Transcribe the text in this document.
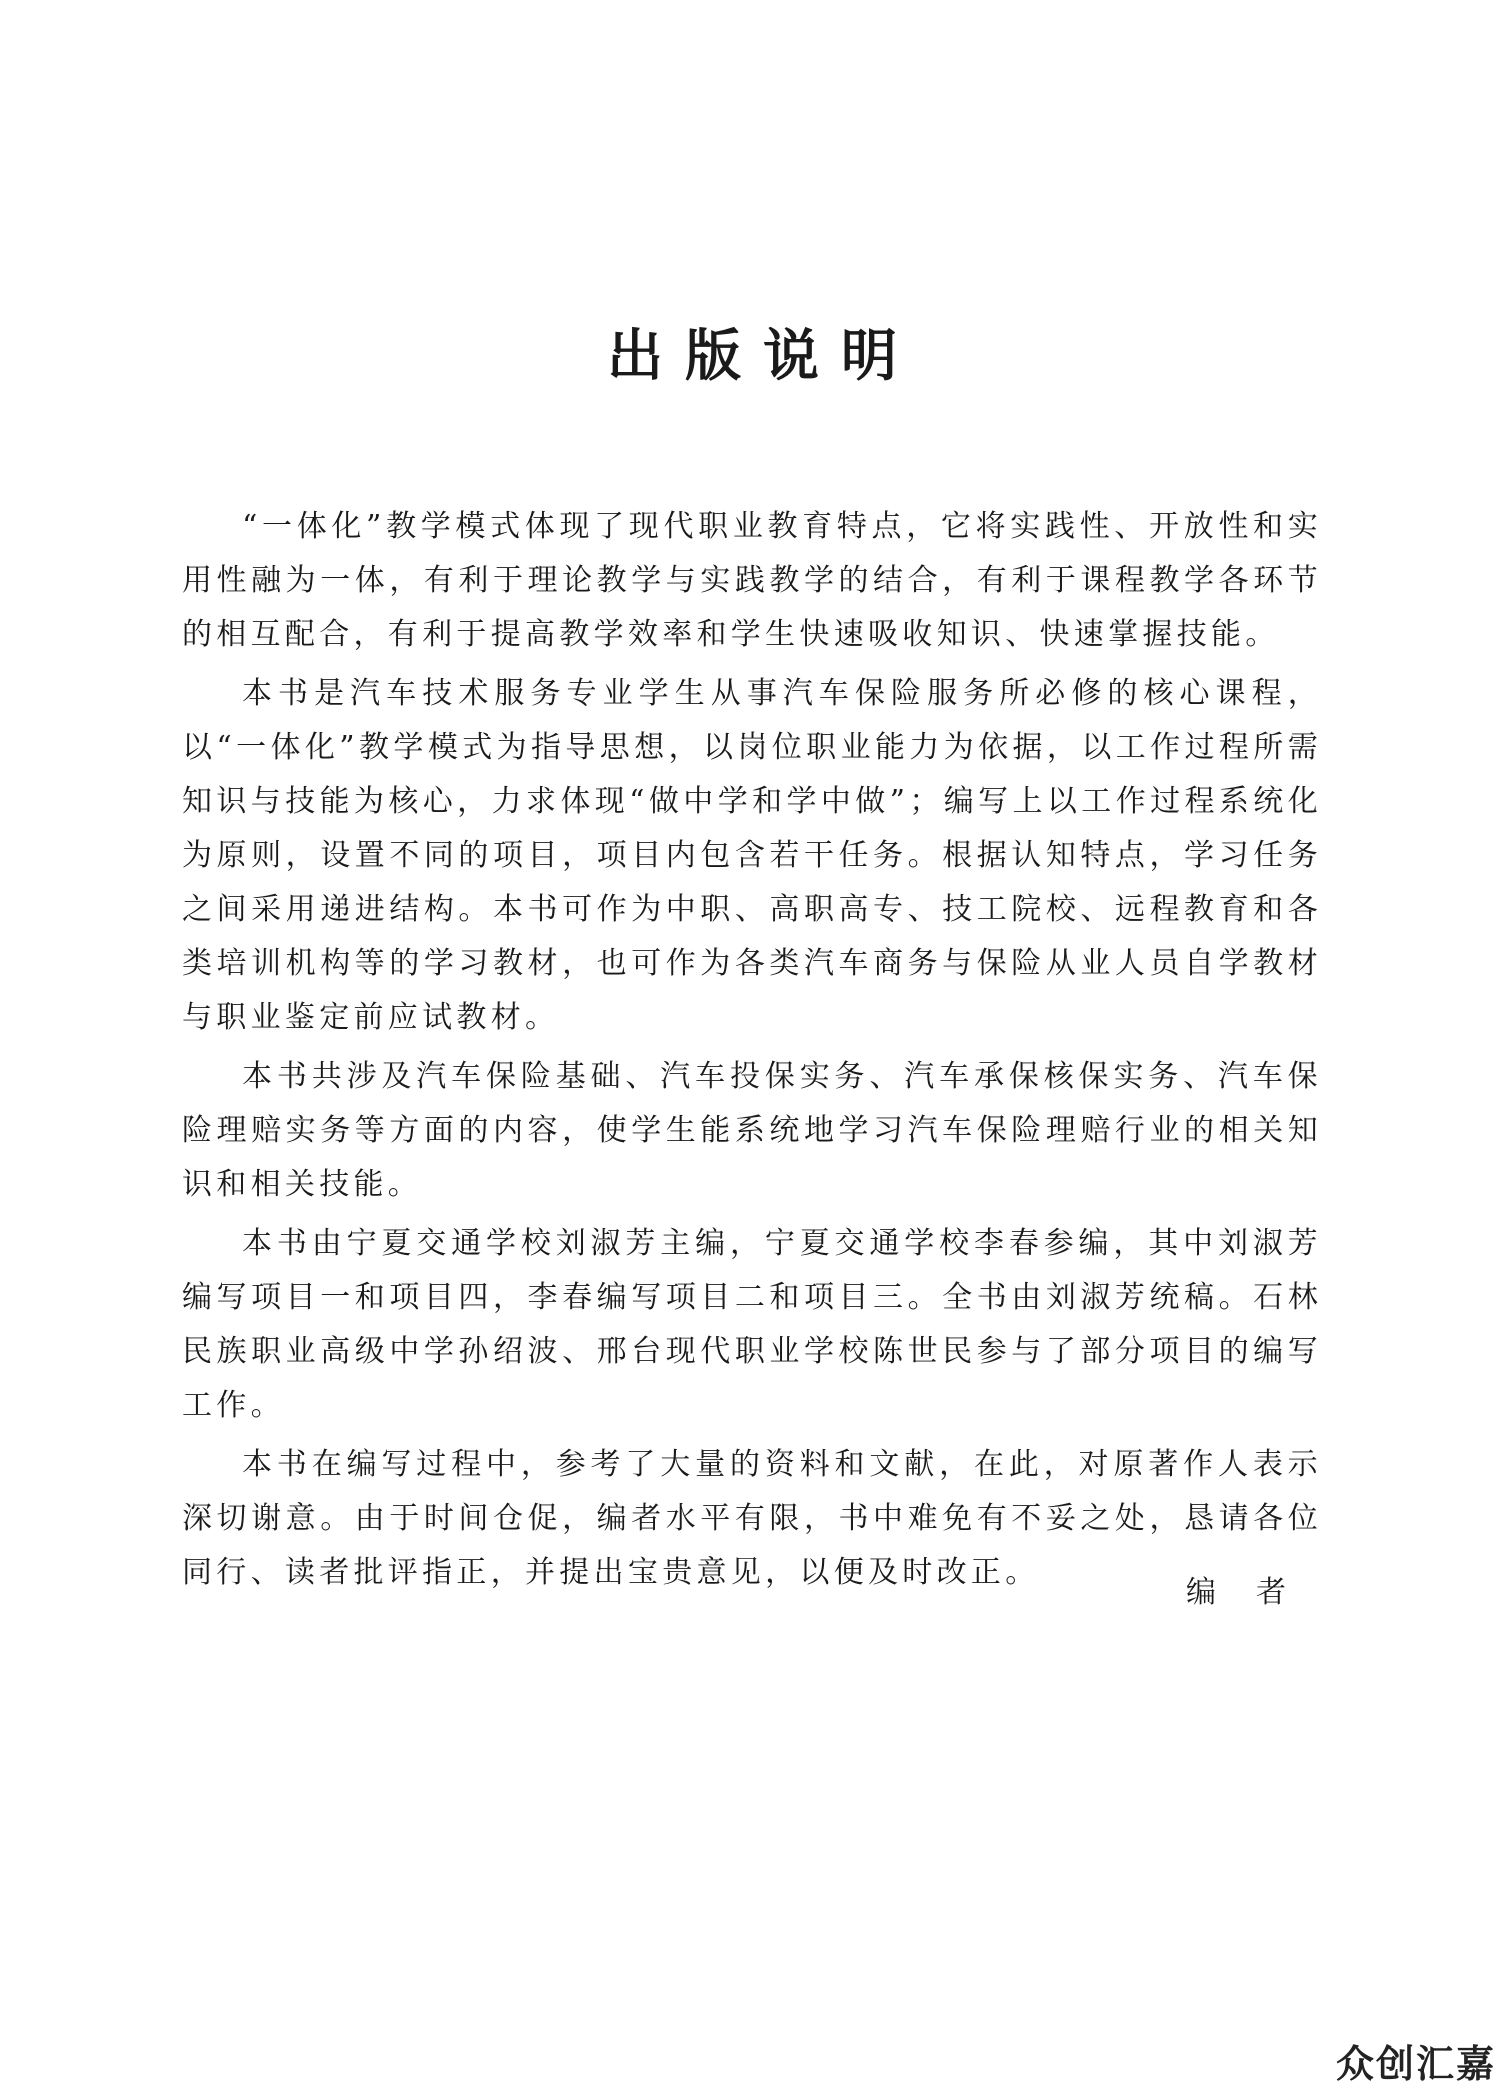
出版说明

“一体化”教学模式体现了现代职业教育特点，它将实践性、开放性和实用性融为一体，有利于理论教学与实践教学的结合，有利于课程教学各环节的相互配合，有利于提高教学效率和学生快速吸收知识、快速掌握技能。

本书是汽车技术服务专业学生从事汽车保险服务所必修的核心课程，以“一体化”教学模式为指导思想，以岗位职业能力为依据，以工作过程所需知识与技能为核心，力求体现“做中学和学中做”；编写上以工作过程系统化为原则，设置不同的项目，项目内包含若干任务。根据认知特点，学习任务之间采用递进结构。本书可作为中职、高职高专、技工院校、远程教育和各类培训机构等的学习教材，也可作为各类汽车商务与保险从业人员自学教材与职业鉴定前应试教材。

本书共涉及汽车保险基础、汽车投保实务、汽车承保核保实务、汽车保险理赔实务等方面的内容，使学生能系统地学习汽车保险理赔行业的相关知识和相关技能。

本书由宁夏交通学校刘淑芳主编，宁夏交通学校李春参编，其中刘淑芳编写项目一和项目四，李春编写项目二和项目三。全书由刘淑芳统稿。石林民族职业高级中学孙绍波、邢台现代职业学校陈世民参与了部分项目的编写工作。

本书在编写过程中，参考了大量的资料和文献，在此，对原著作人表示深切谢意。由于时间仓促，编者水平有限，书中难免有不妥之处，恳请各位同行、读者批评指正，并提出宝贵意见，以便及时改正。

编者
众创汇嘉
